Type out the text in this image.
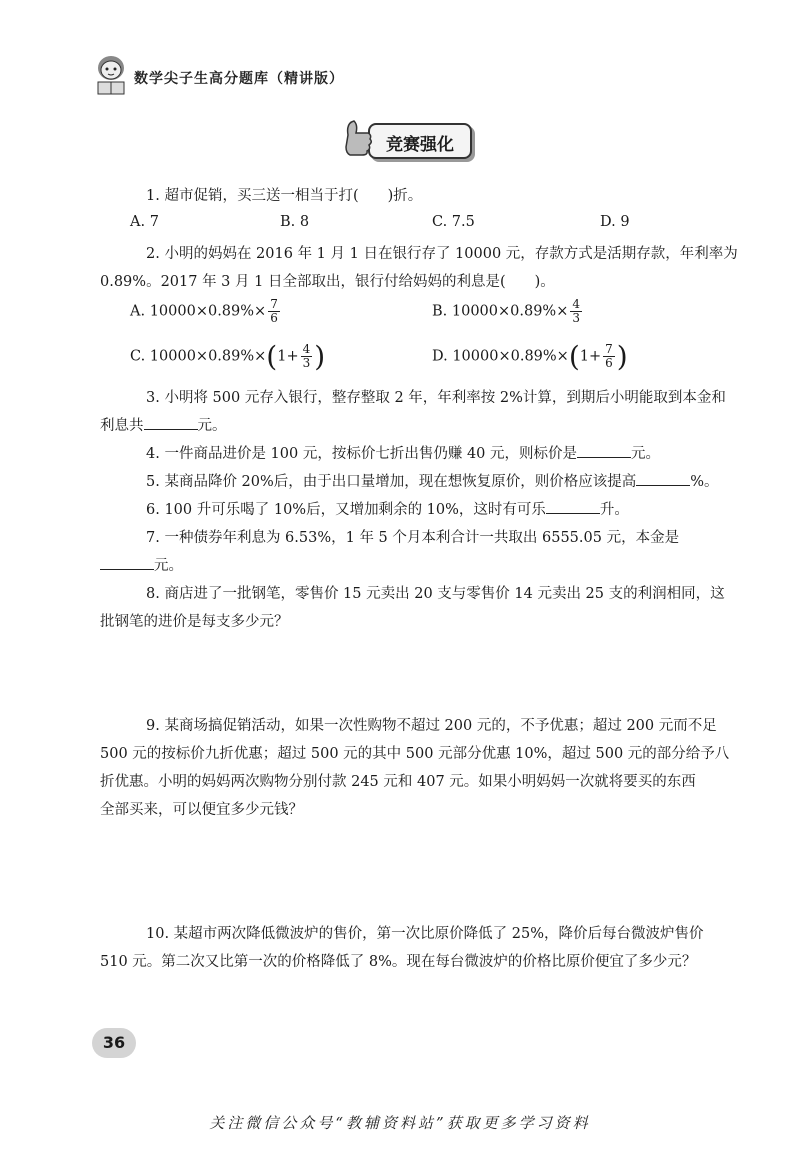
数学尖子生高分题库（精讲版）
竞赛强化
1. 超市促销，买三送一相当于打(　　)折。
A. 7	B. 8	C. 7.5	D. 9
2. 小明的妈妈在 2016 年 1 月 1 日在银行存了 10000 元，存款方式是活期存款，年利率为
0.89%。2017 年 3 月 1 日全部取出，银行付给妈妈的利息是(　　)。
A. $10000\times 0.89\%\times \frac{7}{6}$	B. $10000\times 0.89\%\times \frac{4}{3}$
C. $10000\times 0.89\%\times(1+ \frac{4}{3}$ )	D. $10000\times 0.89\%\times(1+ \frac{7}{6}$ )
3. 小明将 500 元存入银行，整存整取 2 年，年利率按 2%计算，到期后小明能取到本金和
利息共	元。
4. 一件商品进价是 100 元，按标价七折出售仍赚 40 元，则标价是	元。
5. 某商品降价 20%后，由于出口量增加，现在想恢复原价，则价格应该提高	%。
6. 100 升可乐喝了 10%后，又增加剩余的 10%，这时有可乐	升。
7. 一种债券年利息为 6.53%，1 年 5 个月本利合计一共取出 6555.05 元，本金是
元。
8. 商店进了一批钢笔，零售价 15 元卖出 20 支与零售价 14 元卖出 25 支的利润相同，这
批钢笔的进价是每支多少元？
9. 某商场搞促销活动，如果一次性购物不超过 200 元的，不予优惠；超过 200 元而不足
500 元的按标价九折优惠；超过 500 元的其中 500 元部分优惠 10%，超过 500 元的部分给予八
折优惠。小明的妈妈两次购物分别付款 245 元和 407 元。如果小明妈妈一次就将要买的东西
全部买来，可以便宜多少元钱？
10. 某超市两次降低微波炉的售价，第一次比原价降低了 25%，降价后每台微波炉售价
510 元。第二次又比第一次的价格降低了 8%。现在每台微波炉的价格比原价便宜了多少元？
36
关注微信公众号“教辅资料站”获取更多学习资料
